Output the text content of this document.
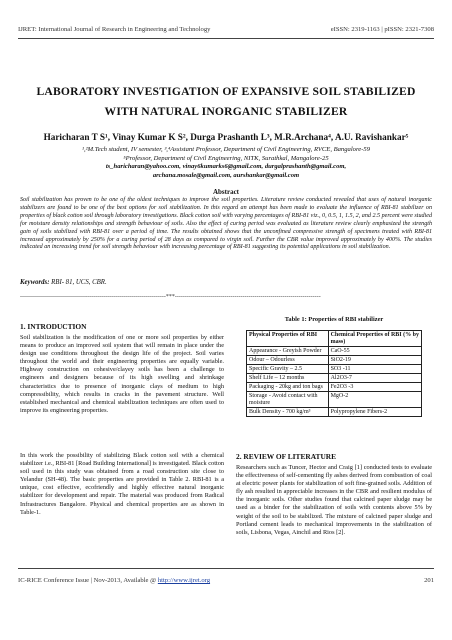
IJRET: International Journal of Research in Engineering and Technology	eISSN: 2319-1163 | pISSN: 2321-7308
LABORATORY INVESTIGATION OF EXPANSIVE SOIL STABILIZED
WITH NATURAL INORGANIC STABILIZER
Haricharan T S¹, Vinay Kumar K S², Durga Prashanth L³, M.R.Archana⁴, A.U. Ravishankar⁵
¹,²M.Tech student, IV semester, ³,⁴Assistant Professor, Department of Civil Engineering, RVCE, Bangalore-59
⁵Professor, Department of Civil Engineering, NITK, Surathkal, Mangalore-25
ts_haricharan@yahoo.com, vinay6kumarks6@gmail.com, durgalprashanth@gmail.com,
archana.mosale@gmail.com, aurshankar@gmail.com
Abstract
Soil stabilization has proven to be one of the oldest techniques to improve the soil properties. Literature review conducted revealed that uses of natural inorganic stabilizers are found to be one of the best options for soil stabilization. In this regard an attempt has been made to evaluate the influence of RBI-81 stabilizer on properties of black cotton soil through laboratory investigations. Black cotton soil with varying percentages of RBI-81 viz., 0, 0.5, 1, 1.5, 2, and 2.5 percent were studied for moisture density relationships and strength behaviour of soils. Also the effect of curing period was evaluated as literature review clearly emphasized the strength gain of soils stabilized with RBI-81 over a period of time. The results obtained shows that the unconfined compressive strength of specimens treated with RBI-81 increased approximately by 250% for a curing period of 28 days as compared to virgin soil. Further the CBR value improved approximately by 400%. The studies indicated an increasing trend for soil strength behaviour with increasing percentage of RBI-81 suggesting its potential applications in soil stabilization.
Keywords: RBI- 81, UCS, CBR.
-------------------------------------------------------------------------***-------------------------------------------------------------------------
1. INTRODUCTION
Soil stabilization is the modification of one or more soil properties by either means to produce an improved soil system that will remain in place under the design use conditions throughout the design life of the project. Soil varies throughout the world and their engineering properties are equally variable. Highway construction on cohesive/clayey soils has been a challenge to engineers and designers because of its high swelling and shrinkage characteristics due to presence of inorganic clays of medium to high compressibility, which results in cracks in the pavement structure. Well established mechanical and chemical stabilization techniques are often used to improve its engineering properties.
In this work the possibility of stabilizing Black cotton soil with a chemical stabilizer i.e., RBI-81 [Road Building International] is investigated. Black cotton soil used in this study was obtained from a road construction site close to Yelandur (SH-48). The basic properties are provided in Table 2. RBI-81 is a unique, cost effective, ecofriendly and highly effective natural inorganic stabilizer for development and repair. The material was produced from Radical Infrastractures Bangalore. Physical and chemical properties are as shown in Table-1.
Table 1: Properties of RBI stabilizer
Physical Properties of RBI	Chemical Properties of RBI (% by mass)
Appearance - Greyish Powder	CaO-55
Odour – Odourless	SiO2-19
Specific Gravity – 2.5	SO3 -11
Shelf Life – 12 months	Al2O3-7
Packaging - 20kg and ton bags	Fe2O3 -3
Storage - Avoid contact with moisture	MgO-2
Bulk Density - 700 kg/m³	Polypropylene Fibers-2
2. REVIEW OF LITERATURE
Researchers such as Tuncer, Hector and Craig [1] conducted tests to evaluate the effectiveness of self-cementing fly ashes derived from combustion of coal at electric power plants for stabilization of soft fine-grained soils. Addition of fly ash resulted in appreciable increases in the CBR and resilient modulus of the inorganic soils. Other studies found that calcined paper sludge may be used as a binder for the stabilization of soils with contents above 5% by weight of the soil to be stabilized. The mixture of calcined paper sludge and Portland cement leads to mechanical improvements in the stabilization of soils, Lisbona, Vegas, Ainchil and Rios [2].
IC-RICE Conference Issue | Nov-2013, Available @ http://www.ijret.org	201
